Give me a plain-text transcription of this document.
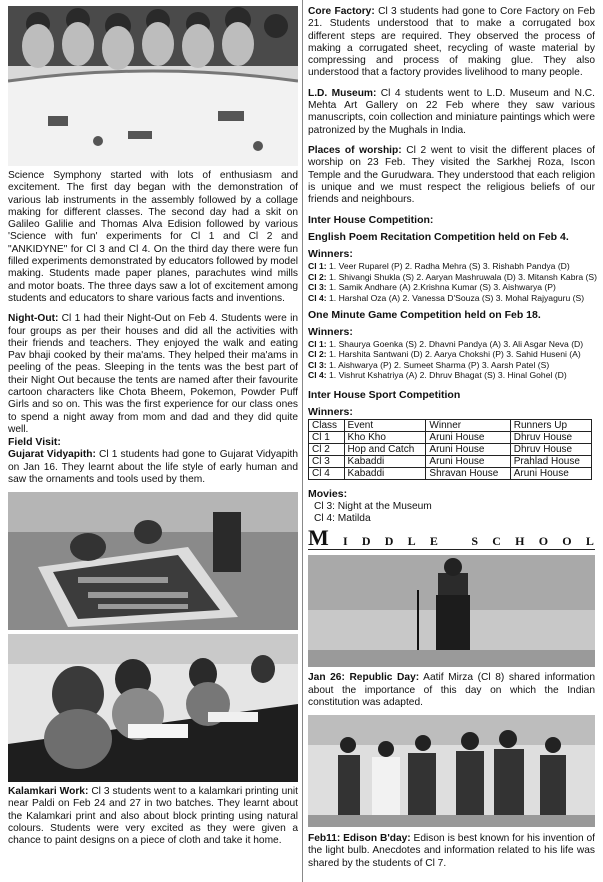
Science Symphony started with lots of enthusiasm and excitement. The first day began with the demonstration of various lab instruments in the assembly followed by a collage making for different classes. The second day had a skit on Galileo Galilie and Thomas Alva Edision followed by various 'Science with fun' experiments for Cl 1 and Cl 2 and "ANKIDYNE" for Cl 3 and Cl 4. On the third day there were fun filled experiments demonstrated by educators followed by model making. Students made paper planes, parachutes wind mills and motor boats. The three days saw a lot of excitement among students and educators to share various facts and inventions.

Night-Out: Cl 1 had their Night-Out on Feb 4. Students were in four groups as per their houses and did all the activities with their friends and teachers. They enjoyed the walk and eating Pav bhaji cooked by their ma'ams. They helped their ma'ams in peeling of the peas. Sleeping in the tents was the best part of their Night Out because the tents are named after their favourite cartoon characters like Chota Bheem, Pokemon, Powder Puff Girls and so on. This was the first experience for our class ones to spend a night away from mom and dad and they did quite well.

Field Visit:

Gujarat Vidyapith: Cl 1 students had gone to Gujarat Vidyapith on Jan 16. They learnt about the life style of early human and saw the ornaments and tools used by them.

Kalamkari Work: Cl 3 students went to a kalamkari printing unit near Paldi on Feb 24 and 27 in two batches. They learnt about the Kalamkari print and also about block printing using natural colours. Students were very excited as they were given a chance to paint designs on a piece of cloth and take it home.

Core Factory: Cl 3 students had gone to Core Factory on Feb 21. Students understood that to make a corrugated box different steps are required. They observed the process of making a corrugated sheet, recycling of waste material by compressing and process of making glue. They also understood that a factory provides livelihood to many people.

L.D. Museum: Cl 4 students went to L.D. Museum and N.C. Mehta Art Gallery on 22 Feb where they saw various manuscripts, coin collection and miniature paintings which were patronized by the Mughals in India.

Places of worship: Cl 2 went to visit the different places of worship on 23 Feb. They visited the Sarkhej Roza, Iscon Temple and the Gurudwara. They understood that each religion is unique and we must respect the religious beliefs of our friends and neighbours.

Inter House Competition:
English Poem Recitation Competition held on Feb 4.
Winners:
Cl 1: 1. Veer Ruparel (P) 2. Radha Mehra (S) 3. Rishabh Pandya (D)
Cl 2: 1. Shivangi Shukla (S) 2. Aaryan Mashruwala (D) 3. Mitansh Kabra (S)
Cl 3: 1. Samik Andhare (A) 2.Krishna Kumar (S) 3. Aishwarya (P)
Cl 4: 1. Harshal Oza (A) 2. Vanessa D'Souza (S) 3. Mohal Rajyaguru (S)
One Minute Game Competition held on Feb 18.
Winners:
Cl 1: 1. Shaurya Goenka (S) 2. Dhavni Pandya (A) 3. Ali Asgar Neva (D)
Cl 2: 1. Harshita Santwani (D) 2. Aarya Chokshi (P) 3. Sahid Huseni (A)
Cl 3: 1. Aishwarya (P) 2. Sumeet Sharma (P) 3. Aarsh Patel (S)
Cl 4: 1. Vishrut Kshatriya (A) 2. Dhruv Bhagat (S) 3. Hinal Gohel (D)
Inter House Sport Competition
Winners:
Class	Event	Winner	Runners Up
Cl 1	Kho Kho	Aruni House	Dhruv House
Cl 2	Hop and Catch	Aruni House	Dhruv House
Cl 3	Kabaddi	Aruni House	Prahlad House
Cl 4	Kabaddi	Shravan House	Aruni House
Movies:
Cl 3: Night at the Museum
Cl 4: Matilda
M I D D L E	S C H O O L

Jan 26: Republic Day: Aatif Mirza (Cl 8) shared information about the importance of this day on which the Indian constitution was adapted.

Feb11: Edison B'day: Edison is best known for his invention of the light bulb. Anecdotes and information related to his life was shared by the students of Cl 7.
